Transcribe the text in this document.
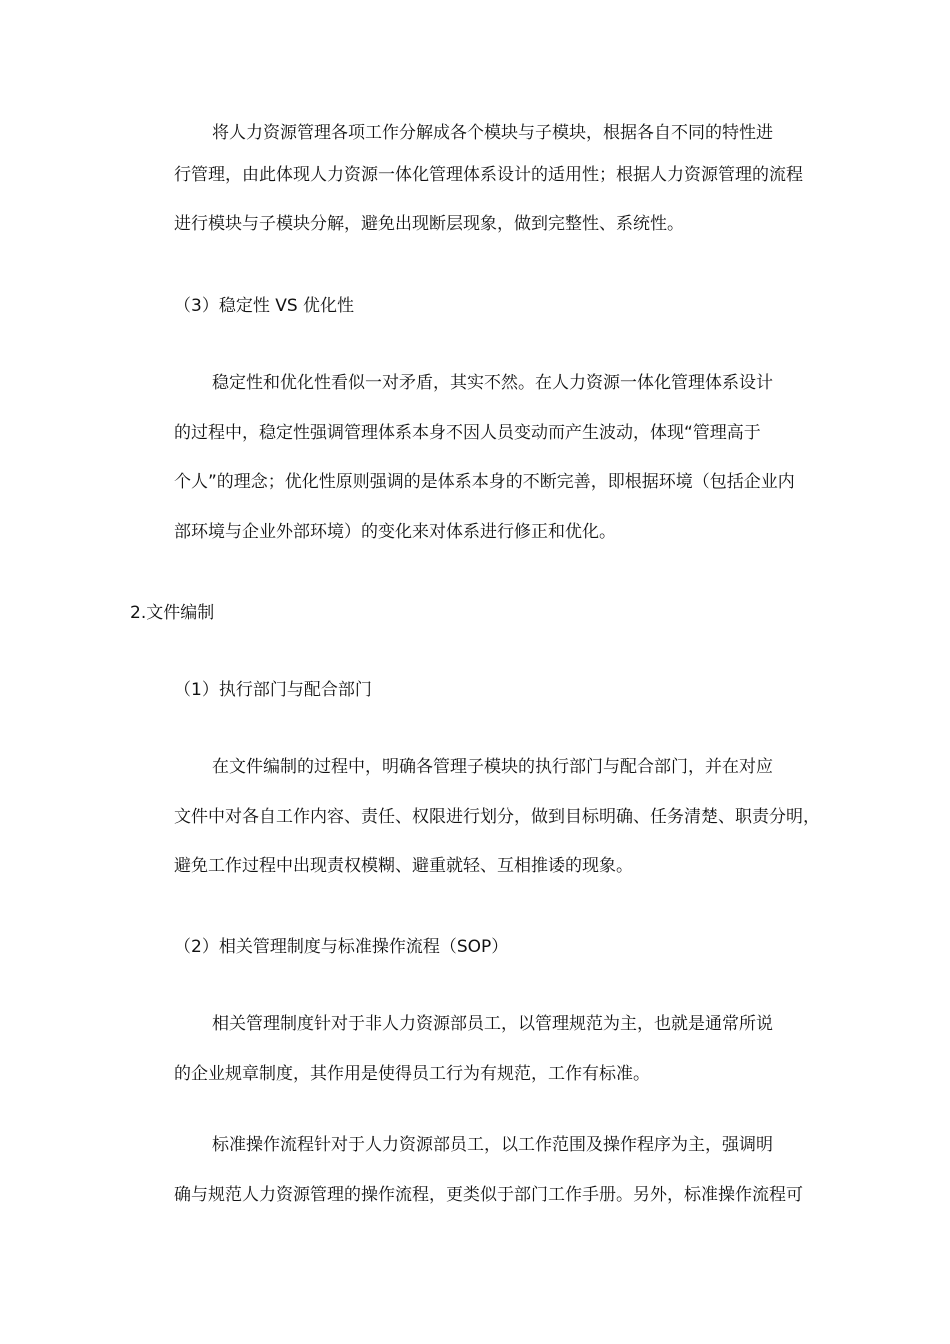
将人力资源管理各项工作分解成各个模块与子模块，根据各自不同的特性进
行管理，由此体现人力资源一体化管理体系设计的适用性；根据人力资源管理的流程
进行模块与子模块分解，避免出现断层现象，做到完整性、系统性。
（3）稳定性 VS 优化性
稳定性和优化性看似一对矛盾，其实不然。在人力资源一体化管理体系设计
的过程中，稳定性强调管理体系本身不因人员变动而产生波动，体现“管理高于
个人”的理念；优化性原则强调的是体系本身的不断完善，即根据环境（包括企业内
部环境与企业外部环境）的变化来对体系进行修正和优化。
2.文件编制
（1）执行部门与配合部门
在文件编制的过程中，明确各管理子模块的执行部门与配合部门，并在对应
文件中对各自工作内容、责任、权限进行划分，做到目标明确、任务清楚、职责分明，
避免工作过程中出现责权模糊、避重就轻、互相推诿的现象。
（2）相关管理制度与标准操作流程（SOP）
相关管理制度针对于非人力资源部员工，以管理规范为主，也就是通常所说
的企业规章制度，其作用是使得员工行为有规范，工作有标准。
标准操作流程针对于人力资源部员工，以工作范围及操作程序为主，强调明
确与规范人力资源管理的操作流程，更类似于部门工作手册。另外，标准操作流程可
